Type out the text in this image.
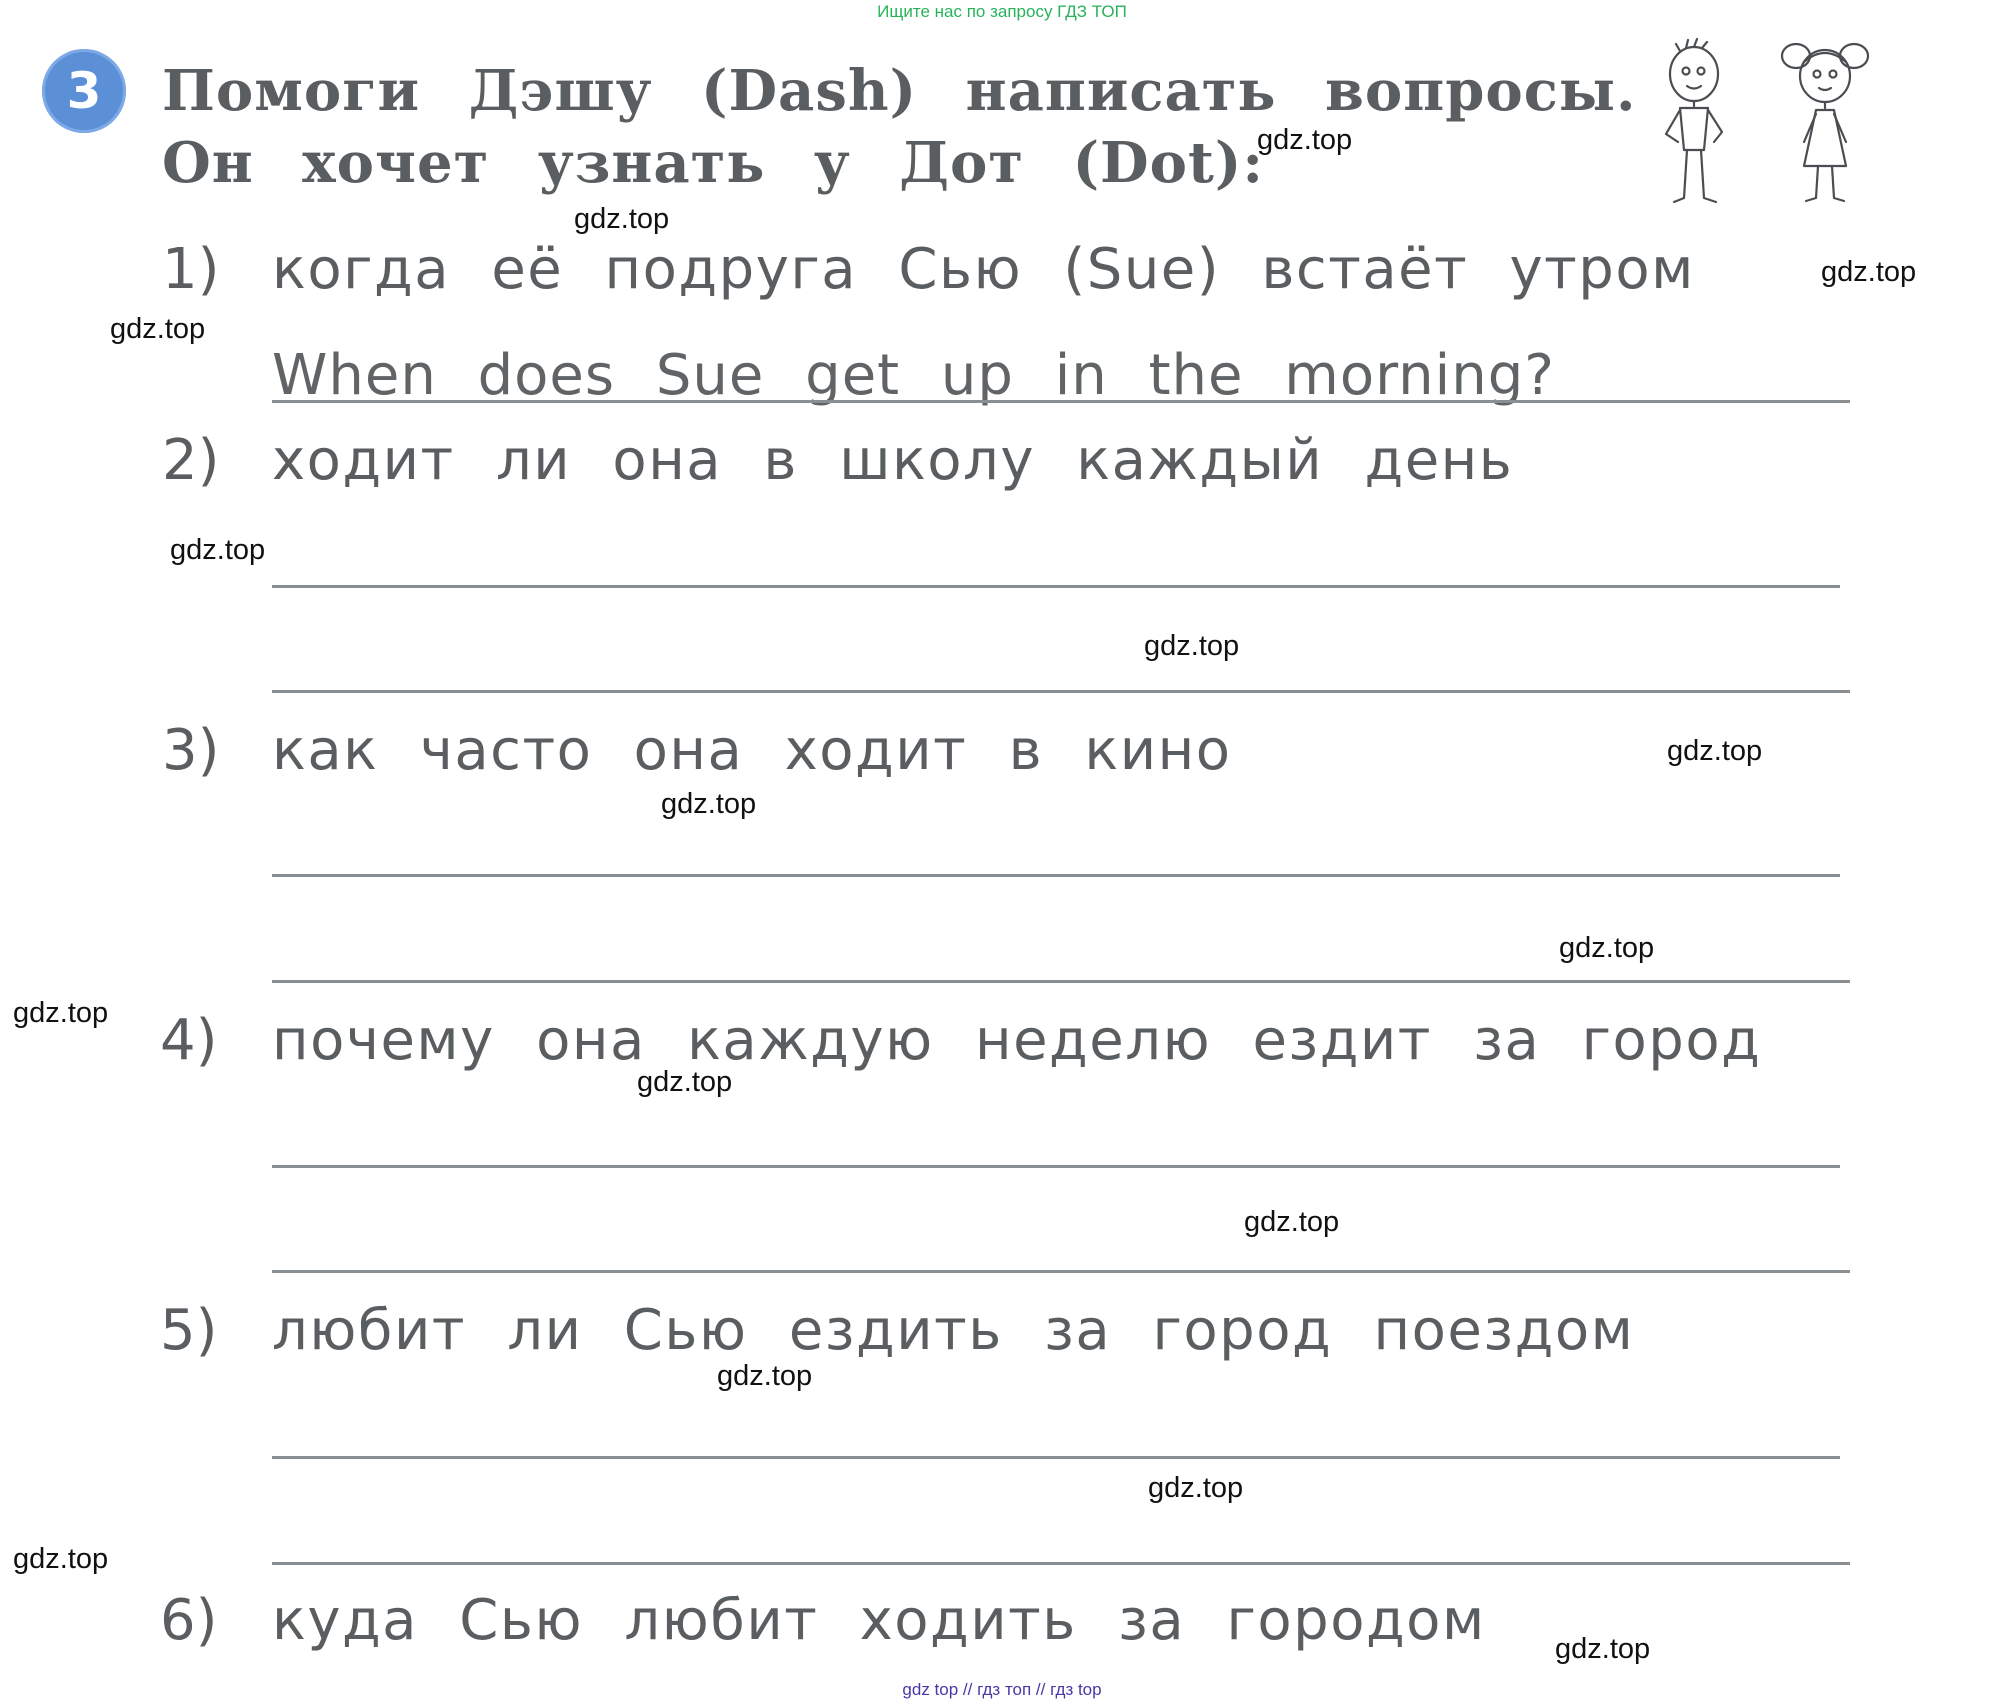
Ищите нас по запросу ГДЗ ТОП
3	Помоги Дэшу (Dash) написать вопросы.
Он хочет узнать у Дот (Dot):
1) когда её подруга Сью (Sue) встаёт утром
When does Sue get up in the morning?
2) ходит ли она в школу каждый день
3) как часто она ходит в кино
4) почему она каждую неделю ездит за город
5) любит ли Сью ездить за город поездом
6) куда Сью любит ходить за городом
gdz.top
gdz.top
gdz.top
gdz.top
gdz.top
gdz.top
gdz.top
gdz.top
gdz.top
gdz.top
gdz.top
gdz.top
gdz.top
gdz.top
gdz.top
gdz.top
gdz top // гдз топ // гдз top
